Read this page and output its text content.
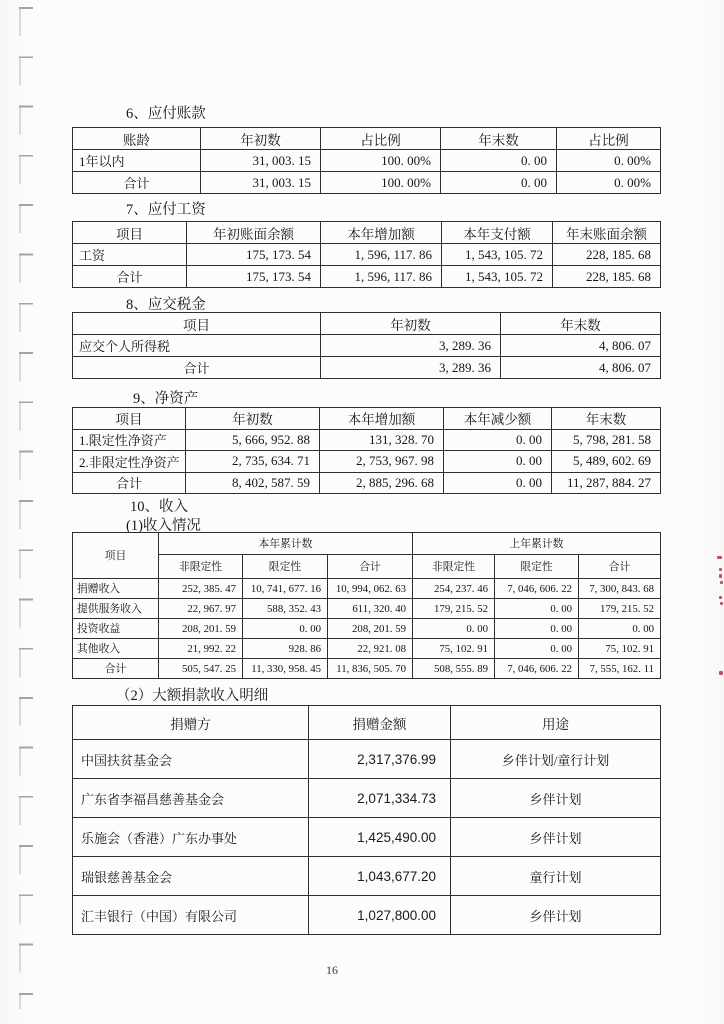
6、应付账款
账龄	年初数	占比例	年末数	占比例
1年以内	31, 003. 15	100. 00%	0. 00	0. 00%
合计	31, 003. 15	100. 00%	0. 00	0. 00%
7、应付工资
项目	年初账面余额	本年增加额	本年支付额	年末账面余额
工资	175, 173. 54	1, 596, 117. 86	1, 543, 105. 72	228, 185. 68
合计	175, 173. 54	1, 596, 117. 86	1, 543, 105. 72	228, 185. 68
8、应交税金
项目	年初数	年末数
应交个人所得税	3, 289. 36	4, 806. 07
合计	3, 289. 36	4, 806. 07
9、净资产
项目	年初数	本年增加额	本年减少额	年末数
1.限定性净资产	5, 666, 952. 88	131, 328. 70	0. 00	5, 798, 281. 58
2.非限定性净资产	2, 735, 634. 71	2, 753, 967. 98	0. 00	5, 489, 602. 69
合计	8, 402, 587. 59	2, 885, 296. 68	0. 00	11, 287, 884. 27
10、收入
(1)收入情况
项目	本年累计数			上年累计数		
	非限定性	限定性	合计	非限定性	限定性	合计
捐赠收入	252, 385. 47	10, 741, 677. 16	10, 994, 062. 63	254, 237. 46	7, 046, 606. 22	7, 300, 843. 68
提供服务收入	22, 967. 97	588, 352. 43	611, 320. 40	179, 215. 52	0. 00	179, 215. 52
投资收益	208, 201. 59	0. 00	208, 201. 59	0. 00	0. 00	0. 00
其他收入	21, 992. 22	928. 86	22, 921. 08	75, 102. 91	0. 00	75, 102. 91
合计	505, 547. 25	11, 330, 958. 45	11, 836, 505. 70	508, 555. 89	7, 046, 606. 22	7, 555, 162. 11
（2）大额捐款收入明细
捐赠方	捐赠金额	用途
中国扶贫基金会	2,317,376.99	乡伴计划/童行计划
广东省李福昌慈善基金会	2,071,334.73	乡伴计划
乐施会（香港）广东办事处	1,425,490.00	乡伴计划
瑞银慈善基金会	1,043,677.20	童行计划
汇丰银行（中国）有限公司	1,027,800.00	乡伴计划
16
